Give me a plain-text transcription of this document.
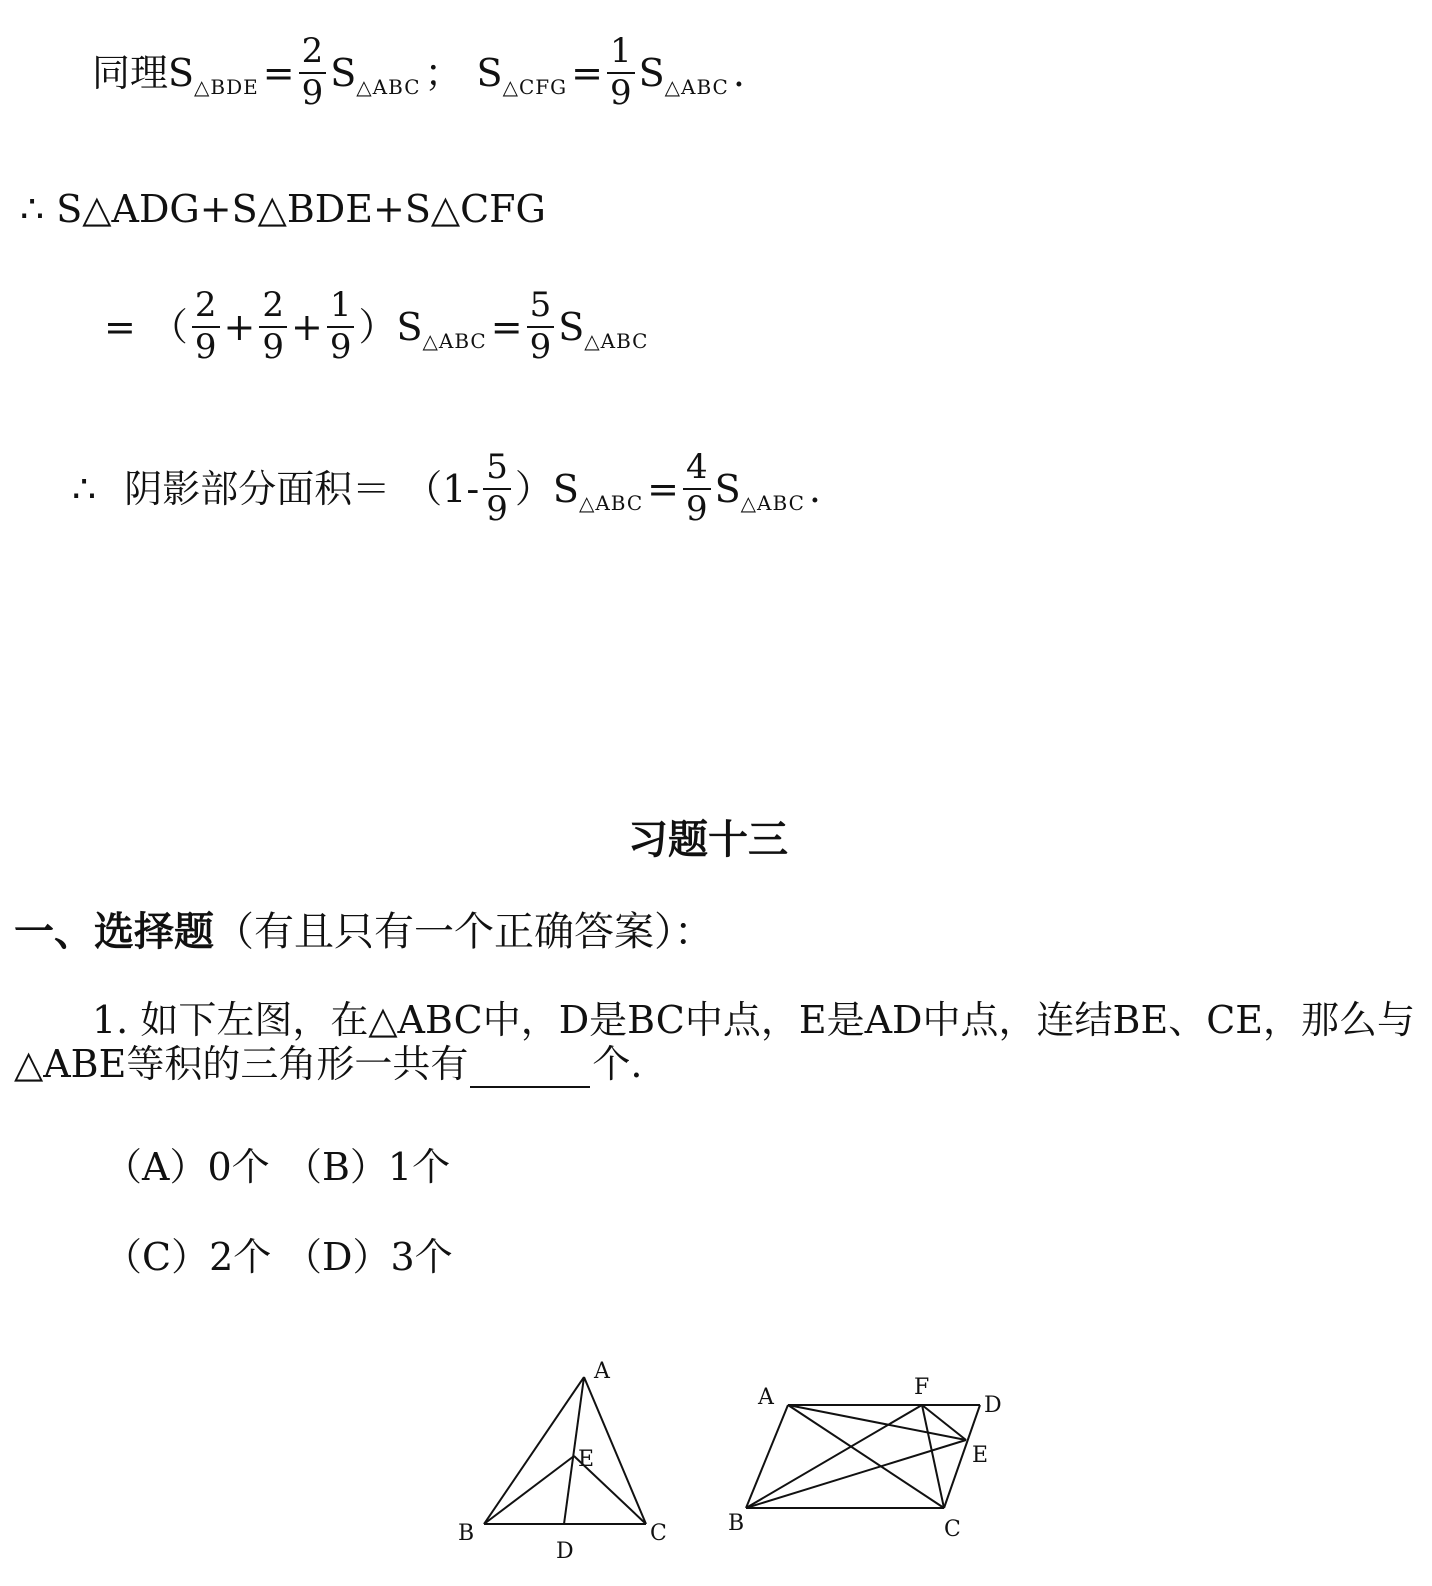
同理S △BDE = $\frac{2}{9}$ S △ABC ； S △CFG = $\frac{1}{9}$ S △ABC .
∴ S△ADG+S△BDE+S△CFG
= （ $\frac{2}{9} + \frac{2}{9} + \frac{1}{9}$ ） S △ABC = $\frac{5}{9}$ S △ABC
∴ 阴影部分面积＝ （$1- \frac{5}{9}$ ） S △ABC = $\frac{4}{9}$ S △ABC .
习题十三
一、选择题（有且只有一个正确答案）：
1. 如下左图，在△ABC中，D是BC中点，E是AD中点，连结BE、CE，那么与
△ABE等积的三角形一共有	个.
（A）0个 （B）1个
（C）2个 （D）3个
A
B	C
D
E
A
B	C
D
E
F
